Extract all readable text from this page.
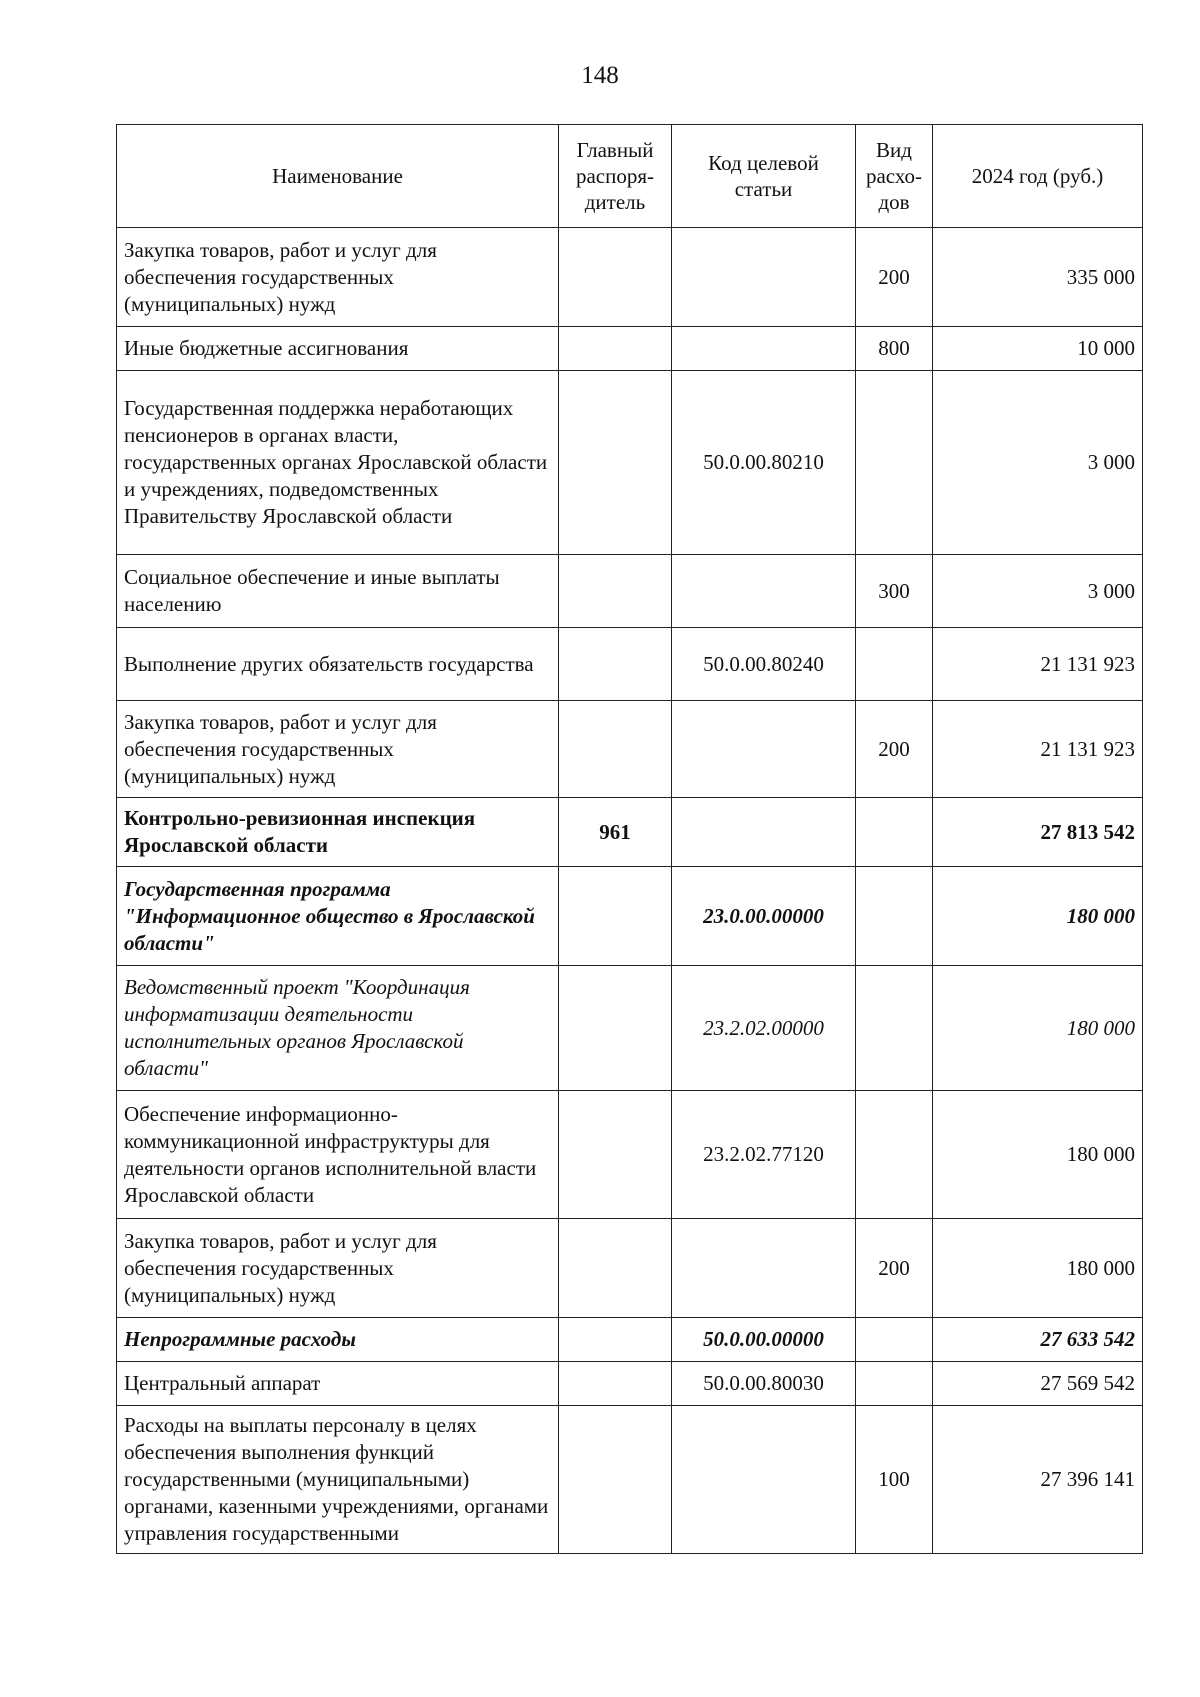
148
Наименование	Главный распоря-дитель	Код целевой статьи	Вид расхо-дов	2024 год (руб.)
Закупка товаров, работ и услуг для обеспечения государственных (муниципальных) нужд			200	335 000
Иные бюджетные ассигнования			800	10 000
Государственная поддержка неработающих пенсионеров в органах власти, государственных органах Ярославской области и учреждениях, подведомственных Правительству Ярославской области		50.0.00.80210		3 000
Социальное обеспечение и иные выплаты населению			300	3 000
Выполнение других обязательств государства		50.0.00.80240		21 131 923
Закупка товаров, работ и услуг для обеспечения государственных (муниципальных) нужд			200	21 131 923
Контрольно-ревизионная инспекция Ярославской области	961			27 813 542
Государственная программа "Информационное общество в Ярославской области"		23.0.00.00000		180 000
Ведомственный проект "Координация информатизации деятельности исполнительных органов Ярославской области"		23.2.02.00000		180 000
Обеспечение информационно-коммуникационной инфраструктуры для деятельности органов исполнительной власти Ярославской области		23.2.02.77120		180 000
Закупка товаров, работ и услуг для обеспечения государственных (муниципальных) нужд			200	180 000
Непрограммные расходы		50.0.00.00000		27 633 542
Центральный аппарат		50.0.00.80030		27 569 542
Расходы на выплаты персоналу в целях обеспечения выполнения функций государственными (муниципальными) органами, казенными учреждениями, органами управления государственными			100	27 396 141
